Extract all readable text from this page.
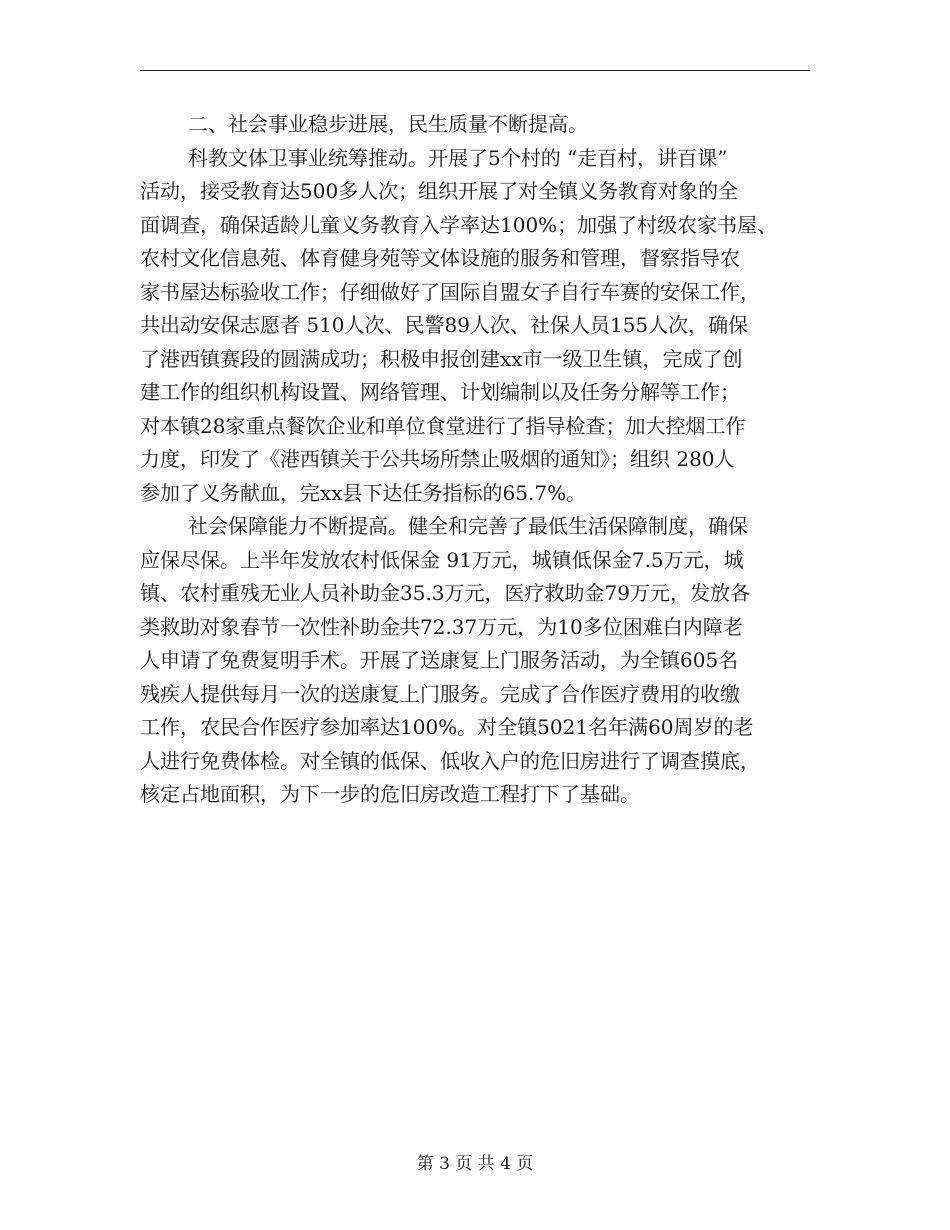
二、社会事业稳步进展，民生质量不断提高。
科教文体卫事业统筹推动。开展了5个村的 “走百村，讲百课”
活动，接受教育达500多人次；组织开展了对全镇义务教育对象的全
面调查，确保适龄儿童义务教育入学率达100%；加强了村级农家书屋、
农村文化信息苑、体育健身苑等文体设施的服务和管理，督察指导农
家书屋达标验收工作；仔细做好了国际自盟女子自行车赛的安保工作，
共出动安保志愿者 510人次、民警89人次、社保人员155人次，确保
了港西镇赛段的圆满成功；积极申报创建xx市一级卫生镇，完成了创
建工作的组织机构设置、网络管理、计划编制以及任务分解等工作；
对本镇28家重点餐饮企业和单位食堂进行了指导检查；加大控烟工作
力度，印发了《港西镇关于公共场所禁止吸烟的通知》；组织 280人
参加了义务献血，完xx县下达任务指标的65.7%。
社会保障能力不断提高。健全和完善了最低生活保障制度，确保
应保尽保。上半年发放农村低保金 91万元，城镇低保金7.5万元，城
镇、农村重残无业人员补助金35.3万元，医疗救助金79万元，发放各
类救助对象春节一次性补助金共72.37万元，为10多位困难白内障老
人申请了免费复明手术。开展了送康复上门服务活动，为全镇605名
残疾人提供每月一次的送康复上门服务。完成了合作医疗费用的收缴
工作，农民合作医疗参加率达100%。对全镇5021名年满60周岁的老
人进行免费体检。对全镇的低保、低收入户的危旧房进行了调查摸底，
核定占地面积，为下一步的危旧房改造工程打下了基础。
第 3 页 共 4 页
